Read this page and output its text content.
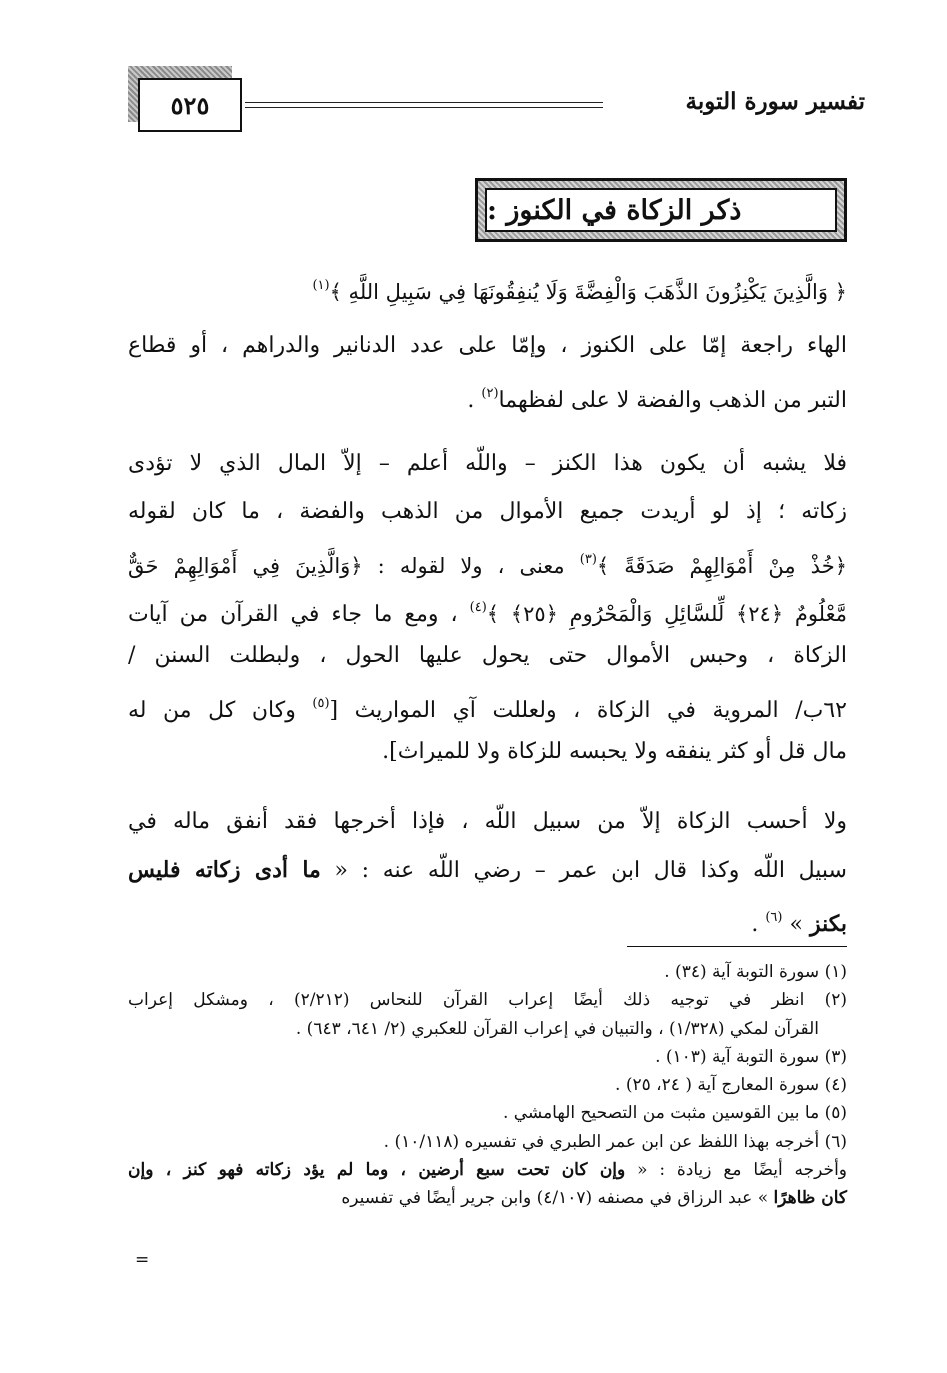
تفسير سورة التوبة
٥٢٥
ذكر الزكاة في الكنوز :
﴿ وَالَّذِينَ يَكْنِزُونَ الذَّهَبَ وَالْفِضَّةَ وَلَا يُنفِقُونَهَا فِي سَبِيلِ اللَّهِ ﴾$^{(١)}$
الهاء راجعة إمّا على الكنوز ، وإمّا على عدد الدنانير والدراهم ، أو قطاع
التبر من الذهب والفضة لا على لفظهما$^{(٢)}$ .
فلا يشبه أن يكون هذا الكنز – واللّه أعلم – إلاّ المال الذي لا تؤدى
زكاته ؛ إذ لو أريدت جميع الأموال من الذهب والفضة ، ما كان لقوله
﴿خُذْ مِنْ أَمْوَالِهِمْ صَدَقَةً ﴾$^{(٣)}$ معنى ، ولا لقوله : ﴿وَالَّذِينَ فِي أَمْوَالِهِمْ حَقٌّ
مَّعْلُومٌ ﴿٢٤﴾ لِّلسَّائِلِ وَالْمَحْرُومِ ﴿٢٥﴾ ﴾$^{(٤)}$ ، ومع ما جاء في القرآن من آيات
الزكاة ، وحبس الأموال حتى يحول عليها الحول ، ولبطلت السنن /
٦٢ب/ المروية في الزكاة ، ولعللت آي المواريث [$^{(٥)}$ وكان كل من له
مال قل أو كثر ينفقه ولا يحبسه للزكاة ولا للميراث].
ولا أحسب الزكاة إلاّ من سبيل اللّه ، فإذا أخرجها فقد أنفق ماله في
سبيل اللّه وكذا قال ابن عمر – رضي اللّه عنه : « ما أدى زكاته فليس
بكنز » $^{(٦)}$ .
(١) سورة التوبة آية (٣٤) .
(٢) انظر في توجيه ذلك أيضًا إعراب القرآن للنحاس (٢/٢١٢) ، ومشكل إعراب
القرآن لمكي (١/٣٢٨) ، والتبيان في إعراب القرآن للعكبري (٢/ ٦٤١، ٦٤٣) .
(٣) سورة التوبة آية (١٠٣) .
(٤) سورة المعارج آية ( ٢٤، ٢٥) .
(٥) ما بين القوسين مثبت من التصحيح الهامشي .
(٦) أخرجه بهذا اللفظ عن ابن عمر الطبري في تفسيره (١٠/١١٨) .
وأخرجه أيضًا مع زيادة : « وإن كان تحت سبع أرضين ، وما لم يؤد زكاته فهو كنز ، وإن
كان ظاهرًا » عبد الرزاق في مصنفه (٤/١٠٧) وابن جرير أيضًا في تفسيره
=
